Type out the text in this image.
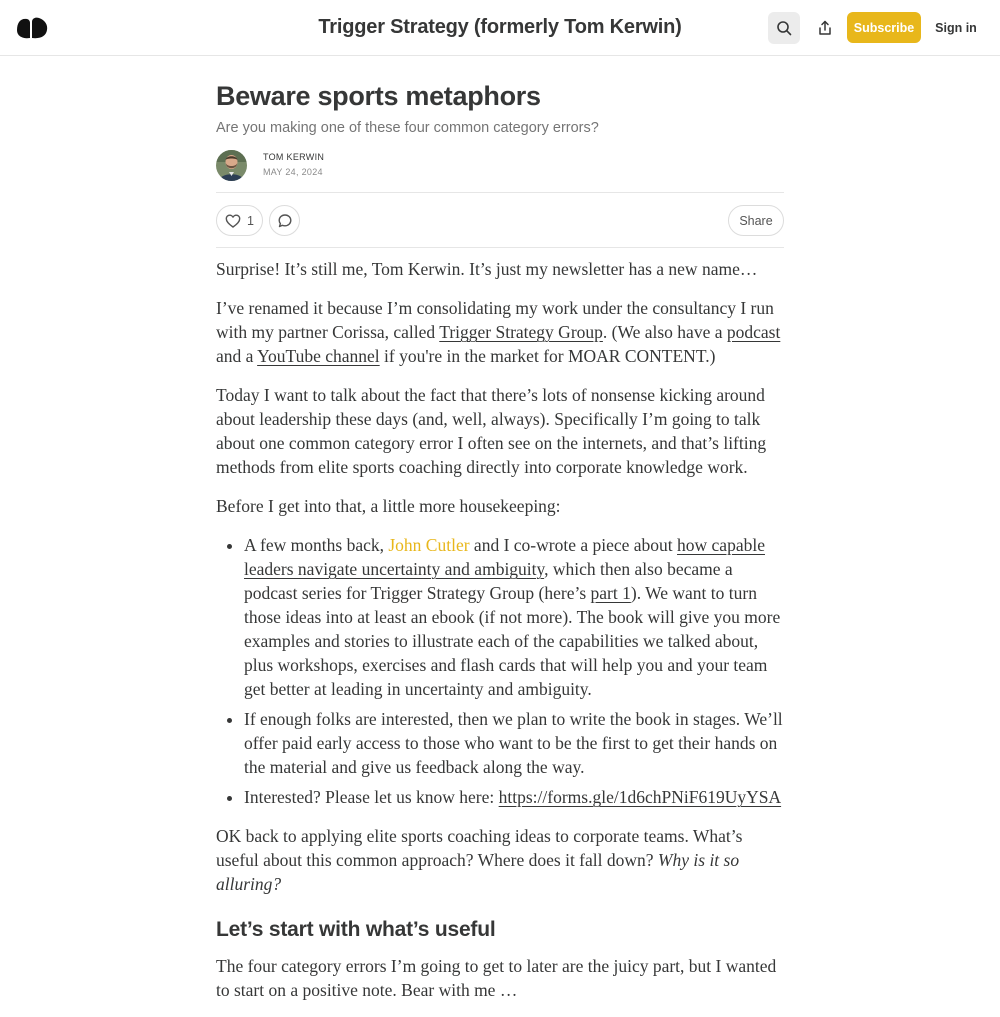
Trigger Strategy (formerly Tom Kerwin)	Subscribe	Sign in
Beware sports metaphors
Are you making one of these four common category errors?
TOM KERWIN
MAY 24, 2024
1	Share

Surprise! It’s still me, Tom Kerwin. It’s just my newsletter has a new name…

I’ve renamed it because I’m consolidating my work under the consultancy I run with my partner Corissa, called Trigger Strategy Group. (We also have a podcast and a YouTube channel if you're in the market for MOAR CONTENT.)

Today I want to talk about the fact that there’s lots of nonsense kicking around about leadership these days (and, well, always). Specifically I’m going to talk about one common category error I often see on the internets, and that’s lifting methods from elite sports coaching directly into corporate knowledge work.

Before I get into that, a little more housekeeping:

• A few months back, John Cutler and I co-wrote a piece about how capable leaders navigate uncertainty and ambiguity, which then also became a podcast series for Trigger Strategy Group (here’s part 1). We want to turn those ideas into at least an ebook (if not more). The book will give you more examples and stories to illustrate each of the capabilities we talked about, plus workshops, exercises and flash cards that will help you and your team get better at leading in uncertainty and ambiguity.
• If enough folks are interested, then we plan to write the book in stages. We’ll offer paid early access to those who want to be the first to get their hands on the material and give us feedback along the way.
• Interested? Please let us know here: https://forms.gle/1d6chPNiF619UyYSA

OK back to applying elite sports coaching ideas to corporate teams. What’s useful about this common approach? Where does it fall down? Why is it so alluring?

Let’s start with what’s useful

The four category errors I’m going to get to later are the juicy part, but I wanted to start on a positive note. Bear with me …
